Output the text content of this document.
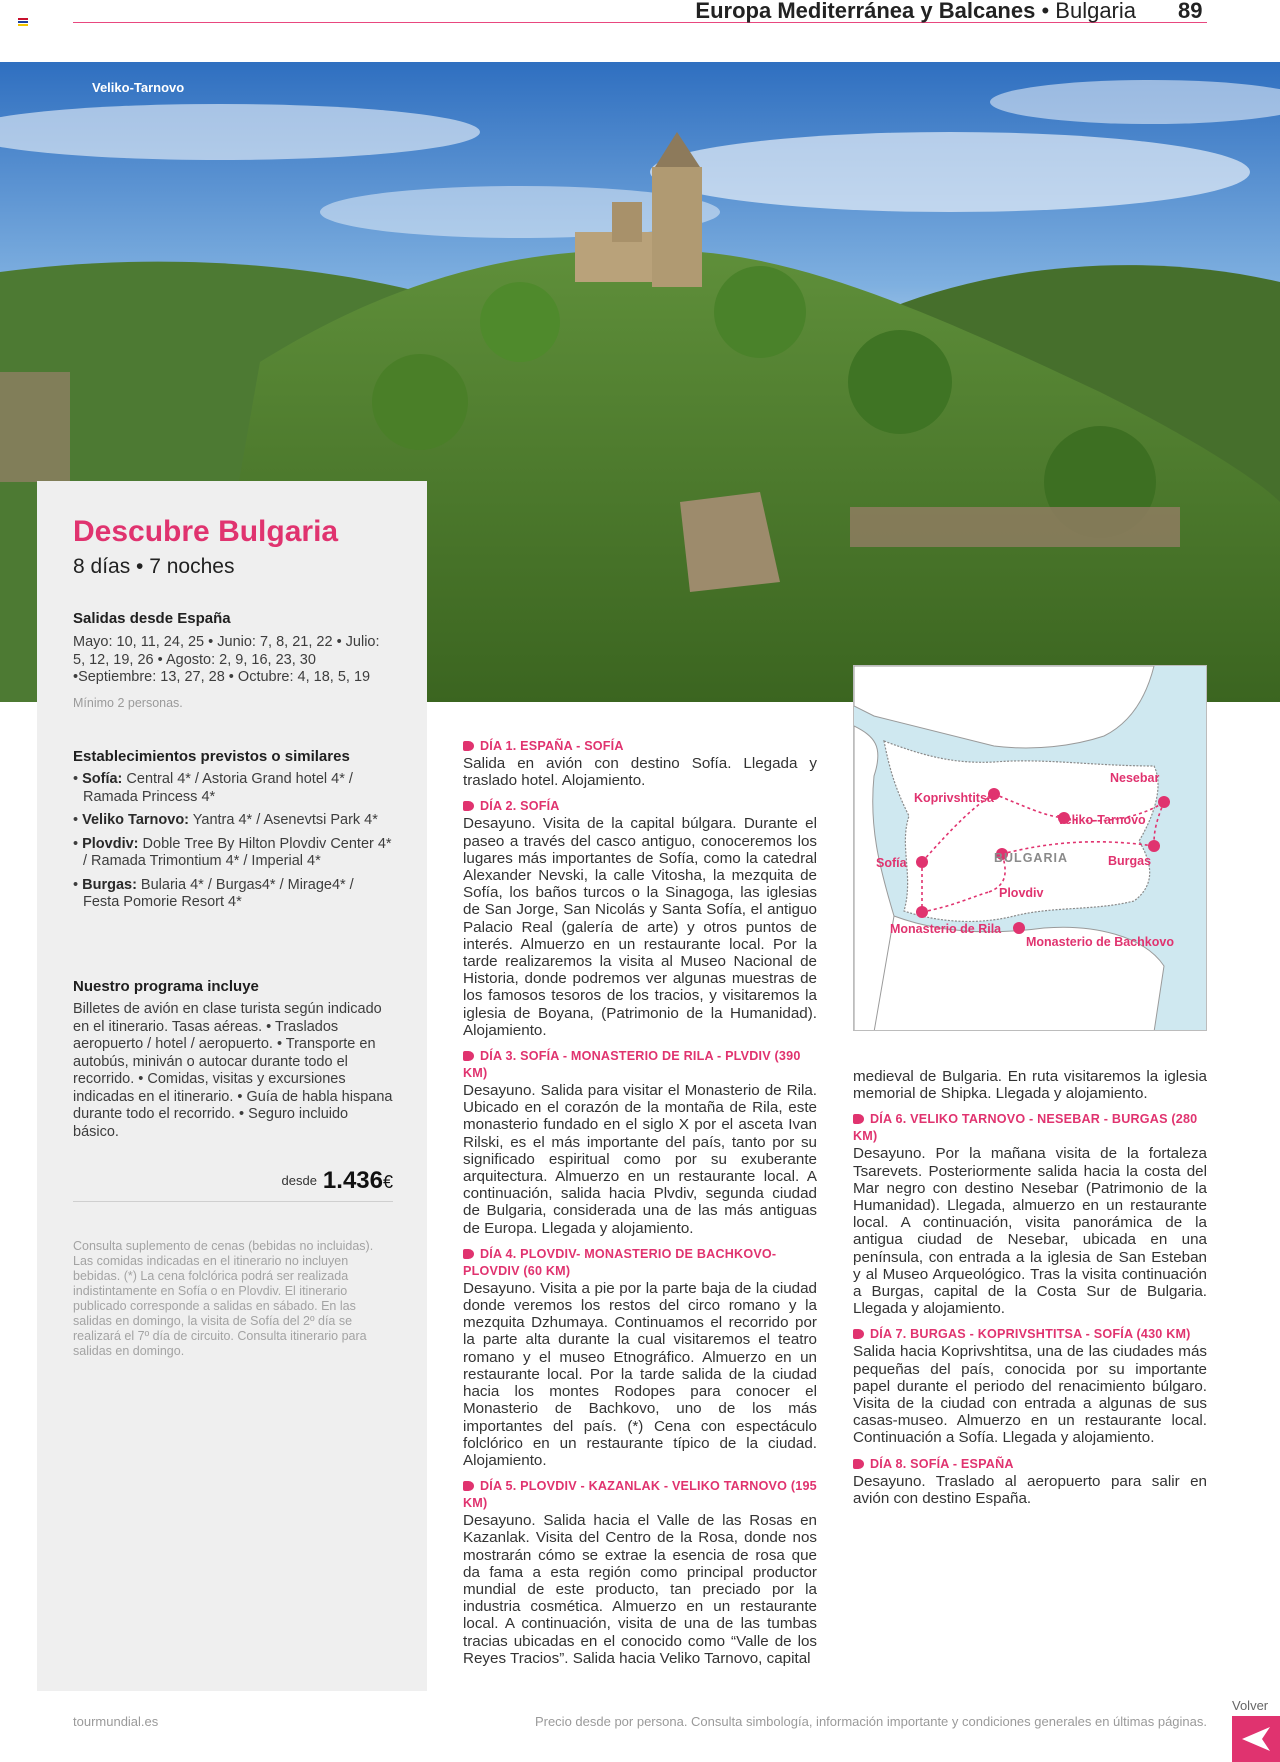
Europa Mediterránea y Balcanes • Bulgaria 89
Veliko-Tarnovo
Descubre Bulgaria
8 días • 7 noches
Salidas desde España
Mayo: 10, 11, 24, 25 • Junio: 7, 8, 21, 22 • Julio: 5, 12, 19, 26 • Agosto: 2, 9, 16, 23, 30 •Septiembre: 13, 27, 28 • Octubre: 4, 18, 5, 19
Mínimo 2 personas.
Establecimientos previstos o similares
• Sofía: Central 4* / Astoria Grand hotel 4* / Ramada Princess 4*
• Veliko Tarnovo: Yantra 4* / Asenevtsi Park 4*
• Plovdiv: Doble Tree By Hilton Plovdiv Center 4* / Ramada Trimontium 4* / Imperial 4*
• Burgas: Bularia 4* / Burgas4* / Mirage4* / Festa Pomorie Resort 4*
Nuestro programa incluye
Billetes de avión en clase turista según indicado en el itinerario. Tasas aéreas. • Traslados aeropuerto / hotel / aeropuerto. • Transporte en autobús, miniván o autocar durante todo el recorrido. • Comidas, visitas y excursiones indicadas en el itinerario. • Guía de habla hispana durante todo el recorrido. • Seguro incluido básico.
desde 1.436€
Consulta suplemento de cenas (bebidas no incluidas). Las comidas indicadas en el itinerario no incluyen bebidas. (*) La cena folclórica podrá ser realizada indistintamente en Sofía o en Plovdiv. El itinerario publicado corresponde a salidas en sábado. En las salidas en domingo, la visita de Sofía del 2º día se realizará el 7º día de circuito. Consulta itinerario para salidas en domingo.
DÍA 1. ESPAÑA - SOFÍA

Salida en avión con destino Sofía. Llegada y traslado hotel. Alojamiento.

DÍA 2. SOFÍA

Desayuno. Visita de la capital búlgara. Durante el paseo a través del casco antiguo, conoceremos los lugares más importantes de Sofía, como la catedral Alexander Nevski, la calle Vitosha, la mezquita de Sofía, los baños turcos o la Sinagoga, las iglesias de San Jorge, San Nicolás y Santa Sofía, el antiguo Palacio Real (galería de arte) y otros puntos de interés. Almuerzo en un restaurante local. Por la tarde realizaremos la visita al Museo Nacional de Historia, donde podremos ver algunas muestras de los famosos tesoros de los tracios, y visitaremos la iglesia de Boyana, (Patrimonio de la Humanidad). Alojamiento.

DÍA 3. SOFÍA - MONASTERIO DE RILA - PLVDIV (390 KM)

Desayuno. Salida para visitar el Monasterio de Rila. Ubicado en el corazón de la montaña de Rila, este monasterio fundado en el siglo X por el asceta Ivan Rilski, es el más importante del país, tanto por su significado espiritual como por su exuberante arquitectura. Almuerzo en un restaurante local. A continuación, salida hacia Plvdiv, segunda ciudad de Bulgaria, considerada una de las más antiguas de Europa. Llegada y alojamiento.

DÍA 4. PLOVDIV- MONASTERIO DE BACHKOVO- PLOVDIV (60 KM)

Desayuno. Visita a pie por la parte baja de la ciudad donde veremos los restos del circo romano y la mezquita Dzhumaya. Continuamos el recorrido por la parte alta durante la cual visitaremos el teatro romano y el museo Etnográfico. Almuerzo en un restaurante local. Por la tarde salida de la ciudad hacia los montes Rodopes para conocer el Monasterio de Bachkovo, uno de los más importantes del país. (*) Cena con espectáculo folclórico en un restaurante típico de la ciudad. Alojamiento.

DÍA 5. PLOVDIV - KAZANLAK - VELIKO TARNOVO (195 KM)

Desayuno. Salida hacia el Valle de las Rosas en Kazanlak. Visita del Centro de la Rosa, donde nos mostrarán cómo se extrae la esencia de rosa que da fama a esta región como principal productor mundial de este producto, tan preciado por la industria cosmética. Almuerzo en un restaurante local. A continuación, visita de una de las tumbas tracias ubicadas en el conocido como “Valle de los Reyes Tracios”. Salida hacia Veliko Tarnovo, capital

Nesebar
Koprivshtitsa
Veliko-Tarnovo
Sofía	Burgas
Plovdiv
Monasterio de Rila
Monasterio de Bachkovo
BULGARIA

medieval de Bulgaria. En ruta visitaremos la iglesia memorial de Shipka. Llegada y alojamiento.

DÍA 6. VELIKO TARNOVO - NESEBAR - BURGAS (280 KM)

Desayuno. Por la mañana visita de la fortaleza Tsarevets. Posteriormente salida hacia la costa del Mar negro con destino Nesebar (Patrimonio de la Humanidad). Llegada, almuerzo en un restaurante local. A continuación, visita panorámica de la antigua ciudad de Nesebar, ubicada en una península, con entrada a la iglesia de San Esteban y al Museo Arqueológico. Tras la visita continuación a Burgas, capital de la Costa Sur de Bulgaria. Llegada y alojamiento.

DÍA 7. BURGAS - KOPRIVSHTITSA - SOFÍA (430 KM)

Salida hacia Koprivshtitsa, una de las ciudades más pequeñas del país, conocida por su importante papel durante el periodo del renacimiento búlgaro. Visita de la ciudad con entrada a algunas de sus casas-museo. Almuerzo en un restaurante local. Continuación a Sofía. Llegada y alojamiento.

DÍA 8. SOFÍA - ESPAÑA

Desayuno. Traslado al aeropuerto para salir en avión con destino España.

tourmundial.es	Precio desde por persona. Consulta simbología, información importante y condiciones generales en últimas páginas.
Volver
